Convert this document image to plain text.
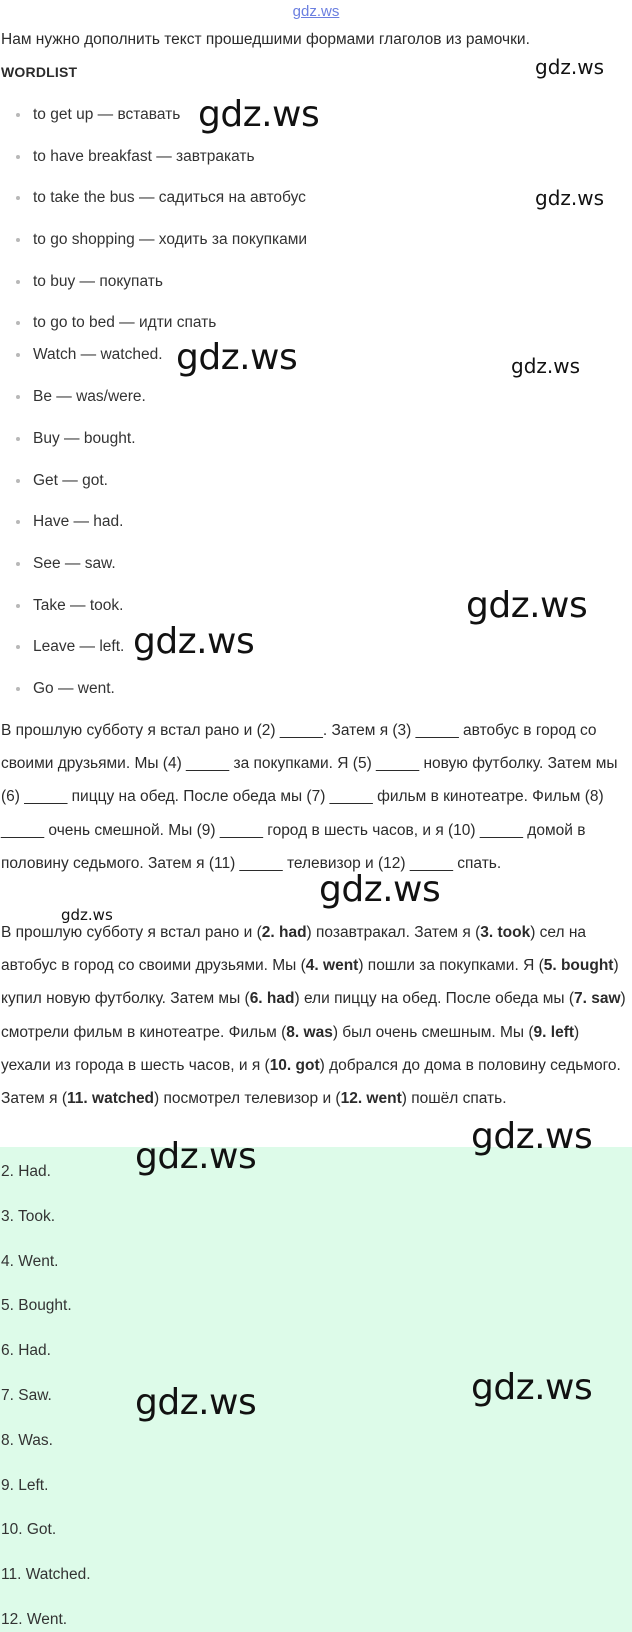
gdz.ws
Нам нужно дополнить текст прошедшими формами глаголов из рамочки.
WORDLIST
to get up — вставать
to have breakfast — завтракать
to take the bus — садиться на автобус
to go shopping — ходить за покупками
to buy — покупать
to go to bed — идти спать
Watch — watched.
Be — was/were.
Buy — bought.
Get — got.
Have — had.
See — saw.
Take — took.
Leave — left.
Go — went.
В прошлую субботу я встал рано и (2) _____. Затем я (3) _____ автобус в город со своими друзьями. Мы (4) _____ за покупками. Я (5) _____ новую футболку. Затем мы (6) _____ пиццу на обед. После обеда мы (7) _____ фильм в кинотеатре. Фильм (8) _____ очень смешной. Мы (9) _____ город в шесть часов, и я (10) _____ домой в половину седьмого. Затем я (11) _____ телевизор и (12) _____ спать.
В прошлую субботу я встал рано и (2. had) позавтракал. Затем я (3. took) сел на автобус в город со своими друзьями. Мы (4. went) пошли за покупками. Я (5. bought) купил новую футболку. Затем мы (6. had) ели пиццу на обед. После обеда мы (7. saw) смотрели фильм в кинотеатре. Фильм (8. was) был очень смешным. Мы (9. left) уехали из города в шесть часов, и я (10. got) добрался до дома в половину седьмого. Затем я (11. watched) посмотрел телевизор и (12. went) пошёл спать.
2. Had.
3. Took.
4. Went.
5. Bought.
6. Had.
7. Saw.
8. Was.
9. Left.
10. Got.
11. Watched.
12. Went.
gdz.ws
gdz.ws
gdz.ws
gdz.ws	gdz.ws
gdz.ws
gdz.ws
gdz.ws
gdz.ws
gdz.ws
gdz.ws
gdz.ws
gdz.ws
